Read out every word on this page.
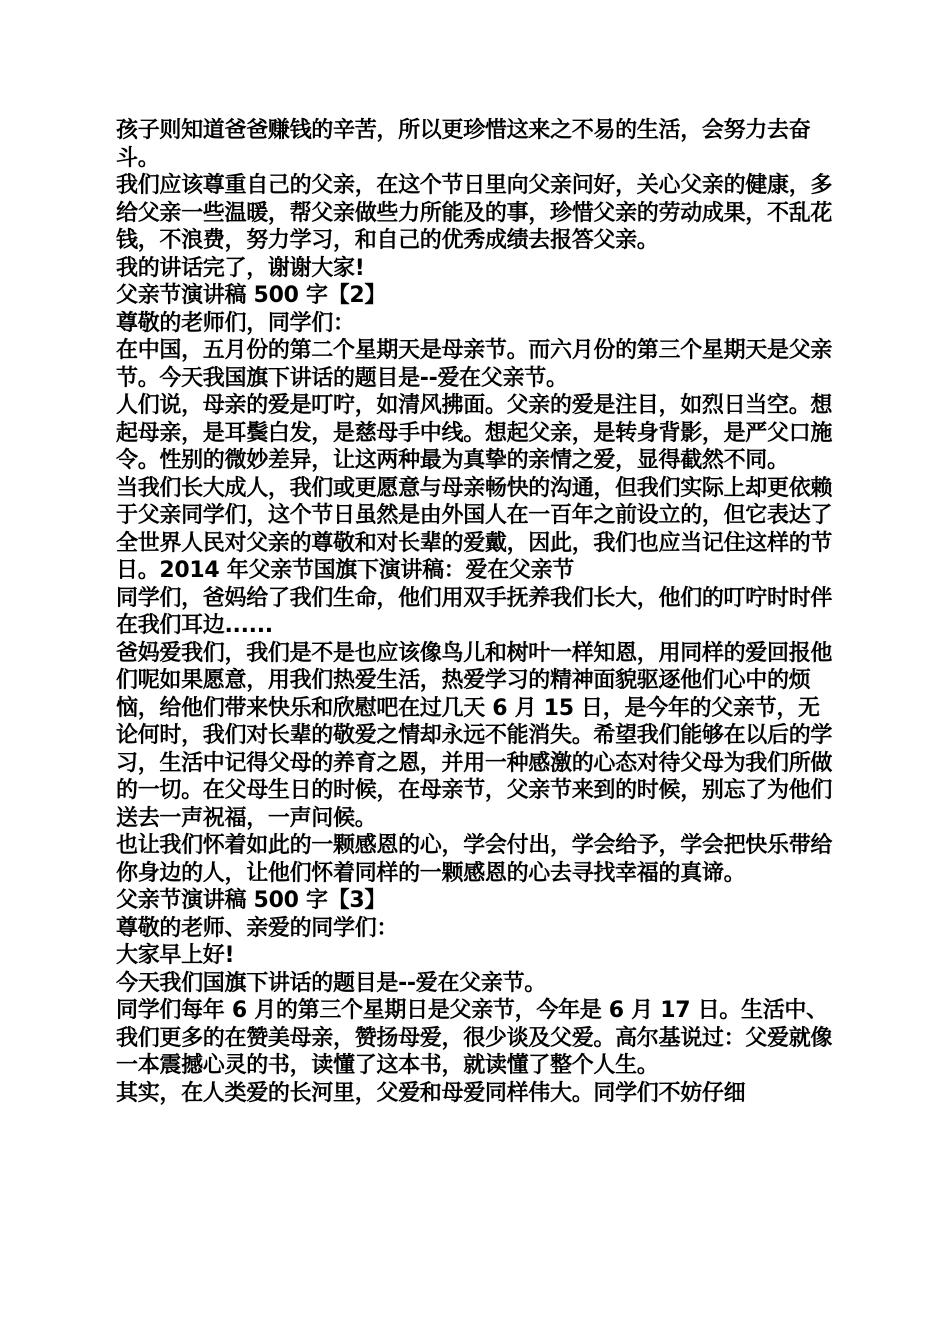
孩子则知道爸爸赚钱的辛苦，所以更珍惜这来之不易的生活，会努力去奋斗。

我们应该尊重自己的父亲，在这个节日里向父亲问好，关心父亲的健康，多给父亲一些温暖，帮父亲做些力所能及的事，珍惜父亲的劳动成果，不乱花钱，不浪费，努力学习，和自己的优秀成绩去报答父亲。

我的讲话完了，谢谢大家!

父亲节演讲稿 500 字【2】

尊敬的老师们，同学们：

在中国，五月份的第二个星期天是母亲节。而六月份的第三个星期天是父亲节。今天我国旗下讲话的题目是--爱在父亲节。

人们说，母亲的爱是叮咛，如清风拂面。父亲的爱是注目，如烈日当空。想起母亲，是耳鬓白发，是慈母手中线。想起父亲，是转身背影，是严父口施令。性别的微妙差异，让这两种最为真挚的亲情之爱，显得截然不同。

当我们长大成人，我们或更愿意与母亲畅快的沟通，但我们实际上却更依赖于父亲同学们，这个节日虽然是由外国人在一百年之前设立的，但它表达了全世界人民对父亲的尊敬和对长辈的爱戴，因此，我们也应当记住这样的节日。2014 年父亲节国旗下演讲稿：爱在父亲节

同学们，爸妈给了我们生命，他们用双手抚养我们长大，他们的叮咛时时伴在我们耳边......

爸妈爱我们，我们是不是也应该像鸟儿和树叶一样知恩，用同样的爱回报他们呢如果愿意，用我们热爱生活，热爱学习的精神面貌驱逐他们心中的烦恼，给他们带来快乐和欣慰吧在过几天 6 月 15 日，是今年的父亲节，无论何时，我们对长辈的敬爱之情却永远不能消失。希望我们能够在以后的学习，生活中记得父母的养育之恩，并用一种感激的心态对待父母为我们所做的一切。在父母生日的时候，在母亲节，父亲节来到的时候，别忘了为他们送去一声祝福，一声问候。

也让我们怀着如此的一颗感恩的心，学会付出，学会给予，学会把快乐带给你身边的人，让他们怀着同样的一颗感恩的心去寻找幸福的真谛。

父亲节演讲稿 500 字【3】

尊敬的老师、亲爱的同学们：

大家早上好!

今天我们国旗下讲话的题目是--爱在父亲节。

同学们每年 6 月的第三个星期日是父亲节，今年是 6 月 17 日。生活中、我们更多的在赞美母亲，赞扬母爱，很少谈及父爱。高尔基说过：父爱就像一本震撼心灵的书，读懂了这本书，就读懂了整个人生。

其实，在人类爱的长河里，父爱和母爱同样伟大。同学们不妨仔细
